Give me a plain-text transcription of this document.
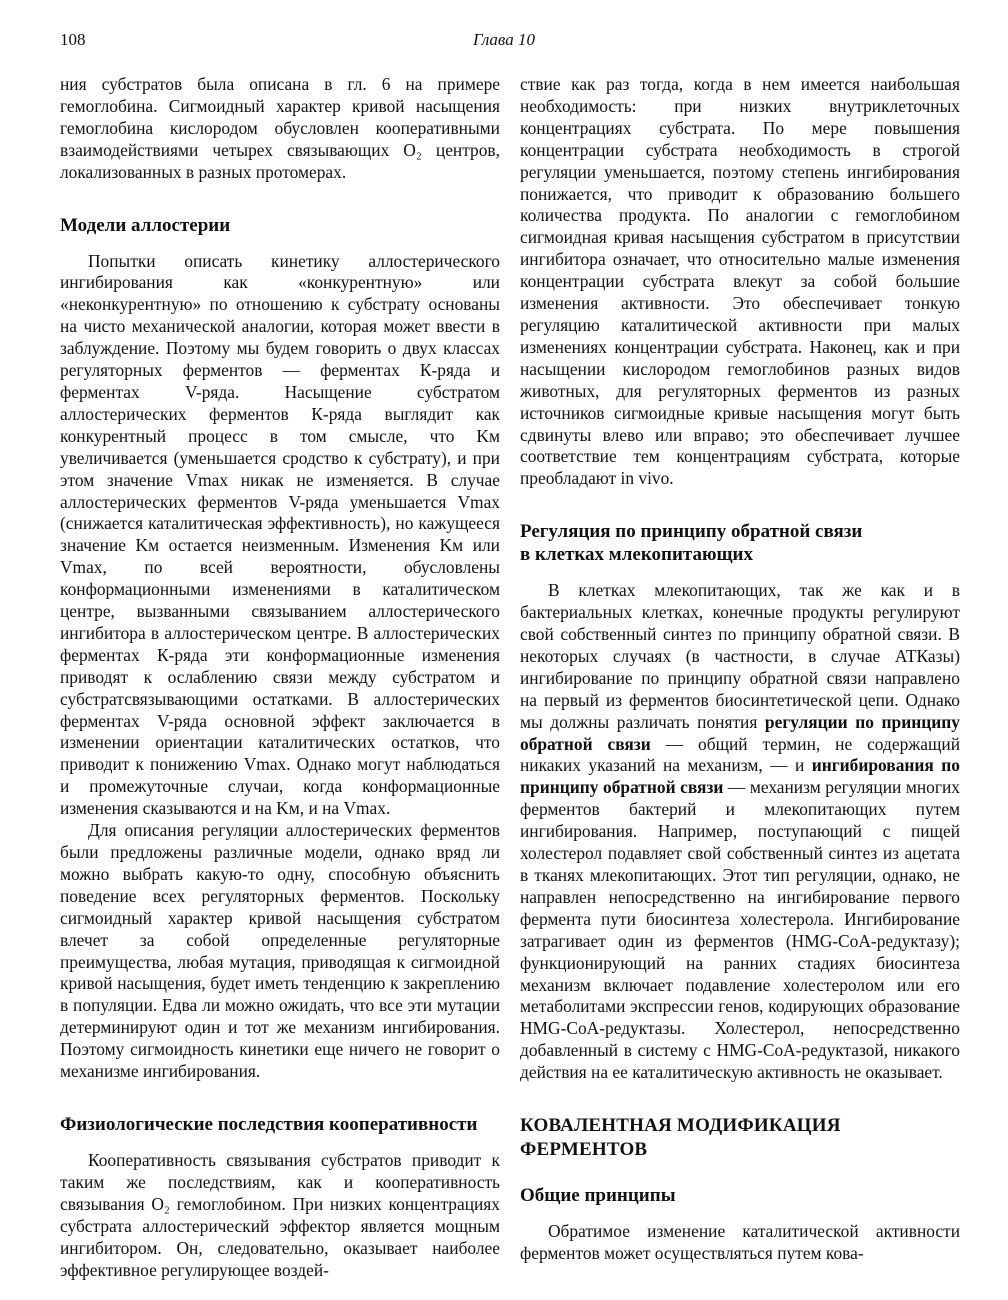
108	Глава 10

ния субстратов была описана в гл. 6 на примере гемоглобина. Сигмоидный характер кривой насыщения гемоглобина кислородом обусловлен кооперативными взаимодействиями четырех связывающих O₂ центров, локализованных в разных протомерах.

Модели аллостерии

Попытки описать кинетику аллостерического ингибирования как «конкурентную» или «неконкурентную» по отношению к субстрату основаны на чисто механической аналогии, которая может ввести в заблуждение. Поэтому мы будем говорить о двух классах регуляторных ферментов — ферментах К-ряда и ферментах V-ряда. Насыщение субстратом аллостерических ферментов К-ряда выглядит как конкурентный процесс в том смысле, что Kм увеличивается (уменьшается сродство к субстрату), и при этом значение Vmax никак не изменяется. В случае аллостерических ферментов V-ряда уменьшается Vmax (снижается каталитическая эффективность), но кажущееся значение Kм остается неизменным. Изменения Kм или Vmax, по всей вероятности, обусловлены конформационными изменениями в каталитическом центре, вызванными связыванием аллостерического ингибитора в аллостерическом центре. В аллостерических ферментах К-ряда эти конформационные изменения приводят к ослаблению связи между субстратом и субстратсвязывающими остатками. В аллостерических ферментах V-ряда основной эффект заключается в изменении ориентации каталитических остатков, что приводит к понижению Vmax. Однако могут наблюдаться и промежуточные случаи, когда конформационные изменения сказываются и на Kм, и на Vmax.

Для описания регуляции аллостерических ферментов были предложены различные модели, однако вряд ли можно выбрать какую-то одну, способную объяснить поведение всех регуляторных ферментов. Поскольку сигмоидный характер кривой насыщения субстратом влечет за собой определенные регуляторные преимущества, любая мутация, приводящая к сигмоидной кривой насыщения, будет иметь тенденцию к закреплению в популяции. Едва ли можно ожидать, что все эти мутации детерминируют один и тот же механизм ингибирования. Поэтому сигмоидность кинетики еще ничего не говорит о механизме ингибирования.

Физиологические последствия кооперативности

Кооперативность связывания субстратов приводит к таким же последствиям, как и кооперативность связывания O₂ гемоглобином. При низких концентрациях субстрата аллостерический эффектор является мощным ингибитором. Он, следовательно, оказывает наиболее эффективное регулирующее воздей-

ствие как раз тогда, когда в нем имеется наибольшая необходимость: при низких внутриклеточных концентрациях субстрата. По мере повышения концентрации субстрата необходимость в строгой регуляции уменьшается, поэтому степень ингибирования понижается, что приводит к образованию большего количества продукта. По аналогии с гемоглобином сигмоидная кривая насыщения субстратом в присутствии ингибитора означает, что относительно малые изменения концентрации субстрата влекут за собой большие изменения активности. Это обеспечивает тонкую регуляцию каталитической активности при малых изменениях концентрации субстрата. Наконец, как и при насыщении кислородом гемоглобинов разных видов животных, для регуляторных ферментов из разных источников сигмоидные кривые насыщения могут быть сдвинуты влево или вправо; это обеспечивает лучшее соответствие тем концентрациям субстрата, которые преобладают in vivo.

Регуляция по принципу обратной связи
в клетках млекопитающих

В клетках млекопитающих, так же как и в бактериальных клетках, конечные продукты регулируют свой собственный синтез по принципу обратной связи. В некоторых случаях (в частности, в случае АТКазы) ингибирование по принципу обратной связи направлено на первый из ферментов биосинтетической цепи. Однако мы должны различать понятия регуляции по принципу обратной связи — общий термин, не содержащий никаких указаний на механизм, — и ингибирования по принципу обратной связи — механизм регуляции многих ферментов бактерий и млекопитающих путем ингибирования. Например, поступающий с пищей холестерол подавляет свой собственный синтез из ацетата в тканях млекопитающих. Этот тип регуляции, однако, не направлен непосредственно на ингибирование первого фермента пути биосинтеза холестерола. Ингибирование затрагивает один из ферментов (HMG-CoA-редуктазу); функционирующий на ранних стадиях биосинтеза механизм включает подавление холестеролом или его метаболитами экспрессии генов, кодирующих образование HMG-CoA-редуктазы. Холестерол, непосредственно добавленный в систему с HMG-CoA-редуктазой, никакого действия на ее каталитическую активность не оказывает.

КОВАЛЕНТНАЯ МОДИФИКАЦИЯ
ФЕРМЕНТОВ
Общие принципы

Обратимое изменение каталитической активности ферментов может осуществляться путем кова-
